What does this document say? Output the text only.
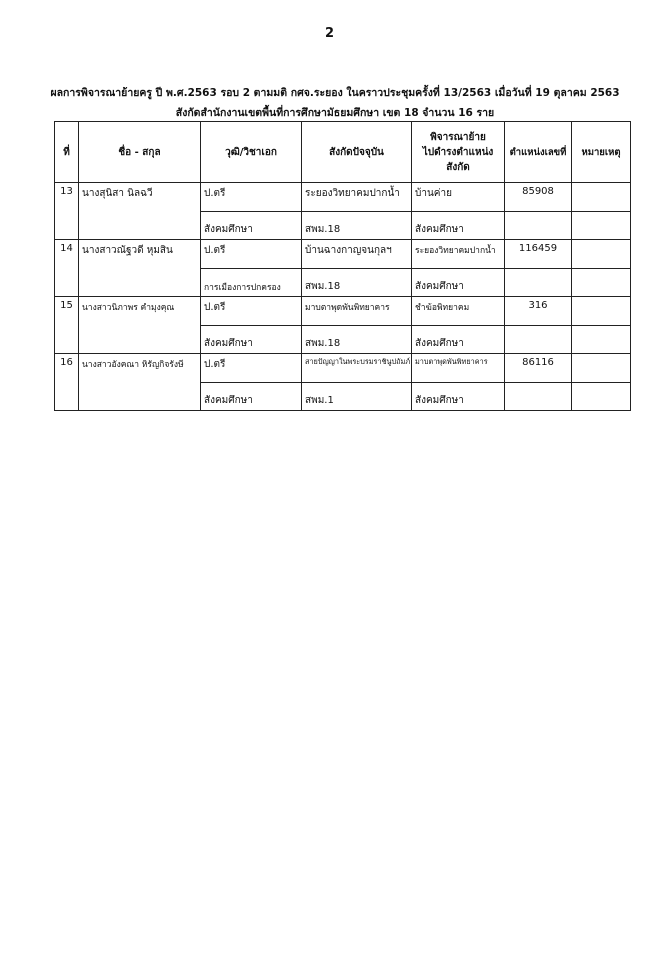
2
ผลการพิจารณาย้ายครู ปี พ.ศ.2563 รอบ 2 ตามมติ กศจ.ระยอง ในคราวประชุมครั้งที่ 13/2563 เมื่อวันที่ 19 ตุลาคม 2563
สังกัดสำนักงานเขตพื้นที่การศึกษามัธยมศึกษา เขต 18 จำนวน 16 ราย
ที่	ชื่อ - สกุล	วุฒิ/วิชาเอก	สังกัดปัจจุบัน	พิจารณาย้าย
ไปดำรงตำแหน่ง
สังกัด	ตำแหน่งเลขที่	หมายเหตุ
13	นางสุนิสา นิลฉวี	ป.ตรี	ระยองวิทยาคมปากน้ำ	บ้านค่าย	85908	
		สังคมศึกษา	สพม.18	สังคมศึกษา		
14	นางสาวณัฐวดี หุมสิน	ป.ตรี	บ้านฉางกาญจนกุลฯ	ระยองวิทยาคมปากน้ำ	116459	
		การเมืองการปกครอง	สพม.18	สังคมศึกษา		
15	นางสาวนิภาพร คำมุงคุณ	ป.ตรี	มาบตาพุดพันพิทยาคาร	ชำฆ้อพิทยาคม	316	
		สังคมศึกษา	สพม.18	สังคมศึกษา		
16	นางสาวอังคณา หิรัญกิจรังษี	ป.ตรี	สายปัญญาในพระบรมราชินูปถัมภ์	มาบตาพุดพันพิทยาคาร	86116	
		สังคมศึกษา	สพม.1	สังคมศึกษา		
